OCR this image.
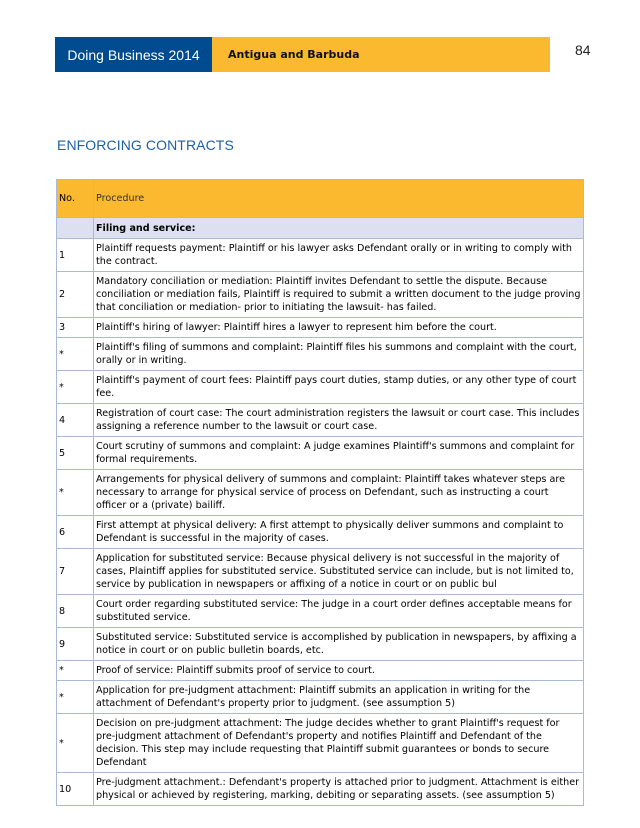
Doing Business 2014	Antigua and Barbuda	84
ENFORCING CONTRACTS
No.	Procedure
	Filing and service:
1	Plaintiff requests payment: Plaintiff or his lawyer asks Defendant orally or in writing to comply with the contract.
2	Mandatory conciliation or mediation: Plaintiff invites Defendant to settle the dispute. Because conciliation or mediation fails, Plaintiff is required to submit a written document to the judge proving that conciliation or mediation- prior to initiating the lawsuit- has failed.
3	Plaintiff's hiring of lawyer: Plaintiff hires a lawyer to represent him before the court.
*	Plaintiff's filing of summons and complaint: Plaintiff files his summons and complaint with the court, orally or in writing.
*	Plaintiff's payment of court fees: Plaintiff pays court duties, stamp duties, or any other type of court fee.
4	Registration of court case: The court administration registers the lawsuit or court case. This includes assigning a reference number to the lawsuit or court case.
5	Court scrutiny of summons and complaint: A judge examines Plaintiff's summons and complaint for formal requirements.
*	Arrangements for physical delivery of summons and complaint: Plaintiff takes whatever steps are necessary to arrange for physical service of process on Defendant, such as instructing a court officer or a (private) bailiff.
6	First attempt at physical delivery: A first attempt to physically deliver summons and complaint to Defendant is successful in the majority of cases.
7	Application for substituted service: Because physical delivery is not successful in the majority of cases, Plaintiff applies for substituted service. Substituted service can include, but is not limited to, service by publication in newspapers or affixing of a notice in court or on public bul
8	Court order regarding substituted service: The judge in a court order defines acceptable means for substituted service.
9	Substituted service: Substituted service is accomplished by publication in newspapers, by affixing a notice in court or on public bulletin boards, etc.
*	Proof of service: Plaintiff submits proof of service to court.
*	Application for pre-judgment attachment: Plaintiff submits an application in writing for the attachment of Defendant's property prior to judgment. (see assumption 5)
*	Decision on pre-judgment attachment: The judge decides whether to grant Plaintiff's request for pre-judgment attachment of Defendant's property and notifies Plaintiff and Defendant of the decision. This step may include requesting that Plaintiff submit guarantees or bonds to secure Defendant
10	Pre-judgment attachment.: Defendant's property is attached prior to judgment. Attachment is either physical or achieved by registering, marking, debiting or separating assets. (see assumption 5)
